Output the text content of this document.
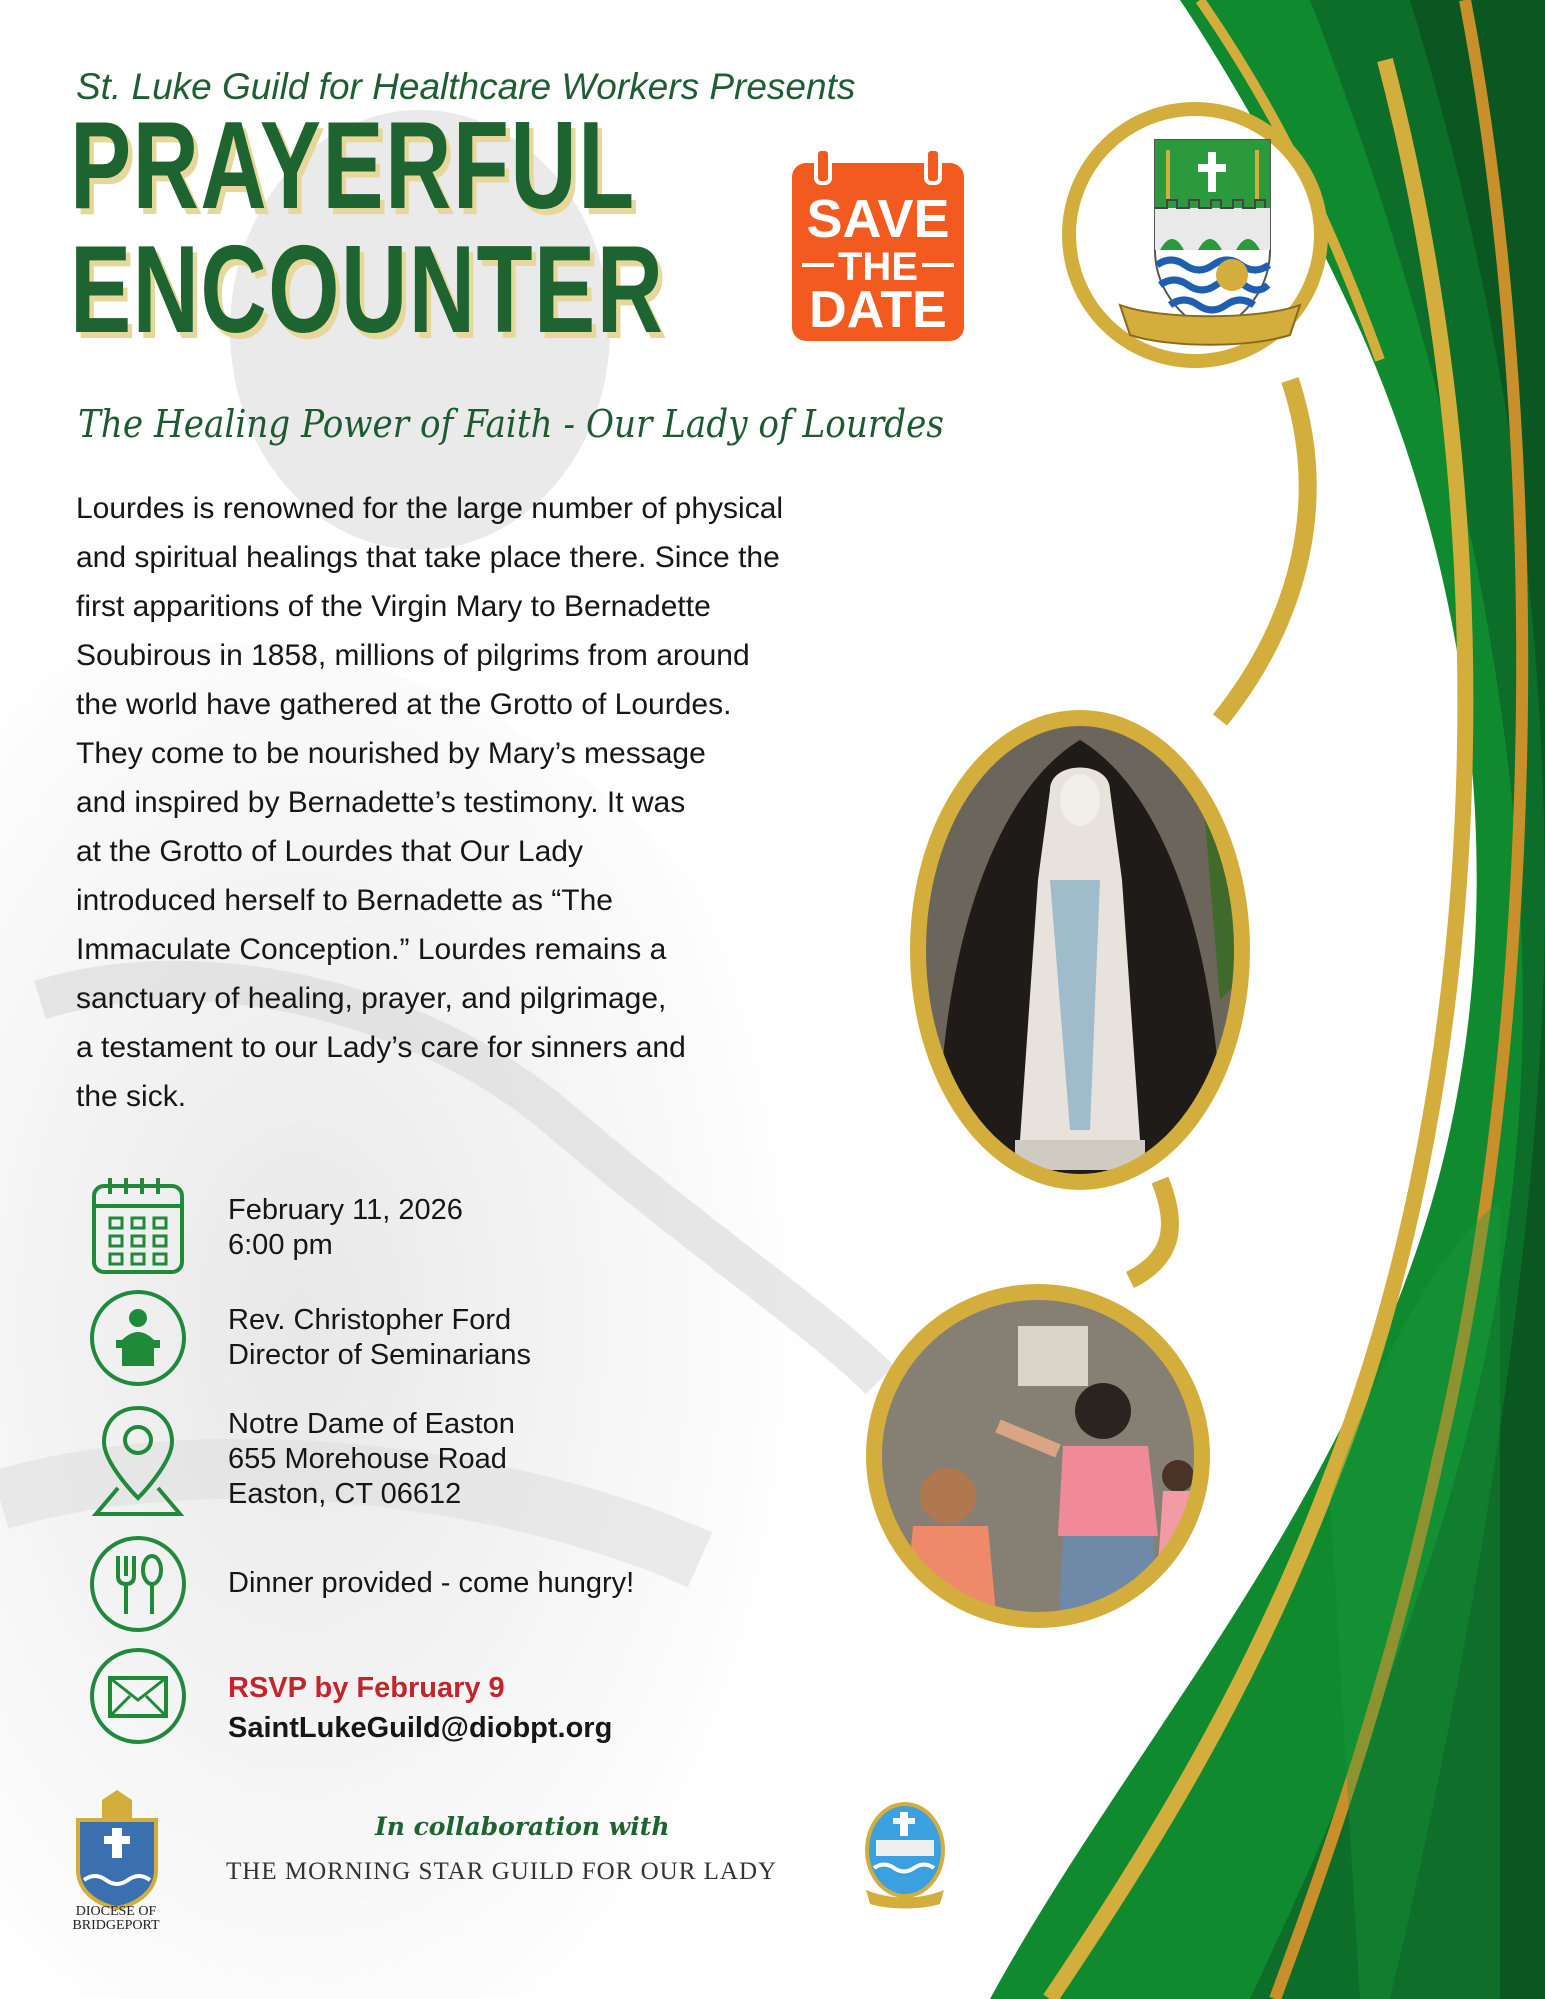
St. Luke Guild for Healthcare Workers Presents

PRAYERFUL
ENCOUNTER
SAVE
THE
DATE

The Healing Power of Faith - Our Lady of Lourdes

Lourdes is renowned for the large number of physical
and spiritual healings that take place there. Since the
first apparitions of the Virgin Mary to Bernadette
Soubirous in 1858, millions of pilgrims from around
the world have gathered at the Grotto of Lourdes.
They come to be nourished by Mary’s message
and inspired by Bernadette’s testimony. It was
at the Grotto of Lourdes that Our Lady
introduced herself to Bernadette as “The
Immaculate Conception.” Lourdes remains a
sanctuary of healing, prayer, and pilgrimage,
a testament to our Lady’s care for sinners and
the sick.
February 11, 2026
6:00 pm
Rev. Christopher Ford
Director of Seminarians
Notre Dame of Easton
655 Morehouse Road
Easton, CT 06612
Dinner provided - come hungry!
RSVP by February 9
SaintLukeGuild@diobpt.org
DIOCESE OF
BRIDGEPORT
In collaboration with
THE MORNING STAR GUILD FOR OUR LADY
